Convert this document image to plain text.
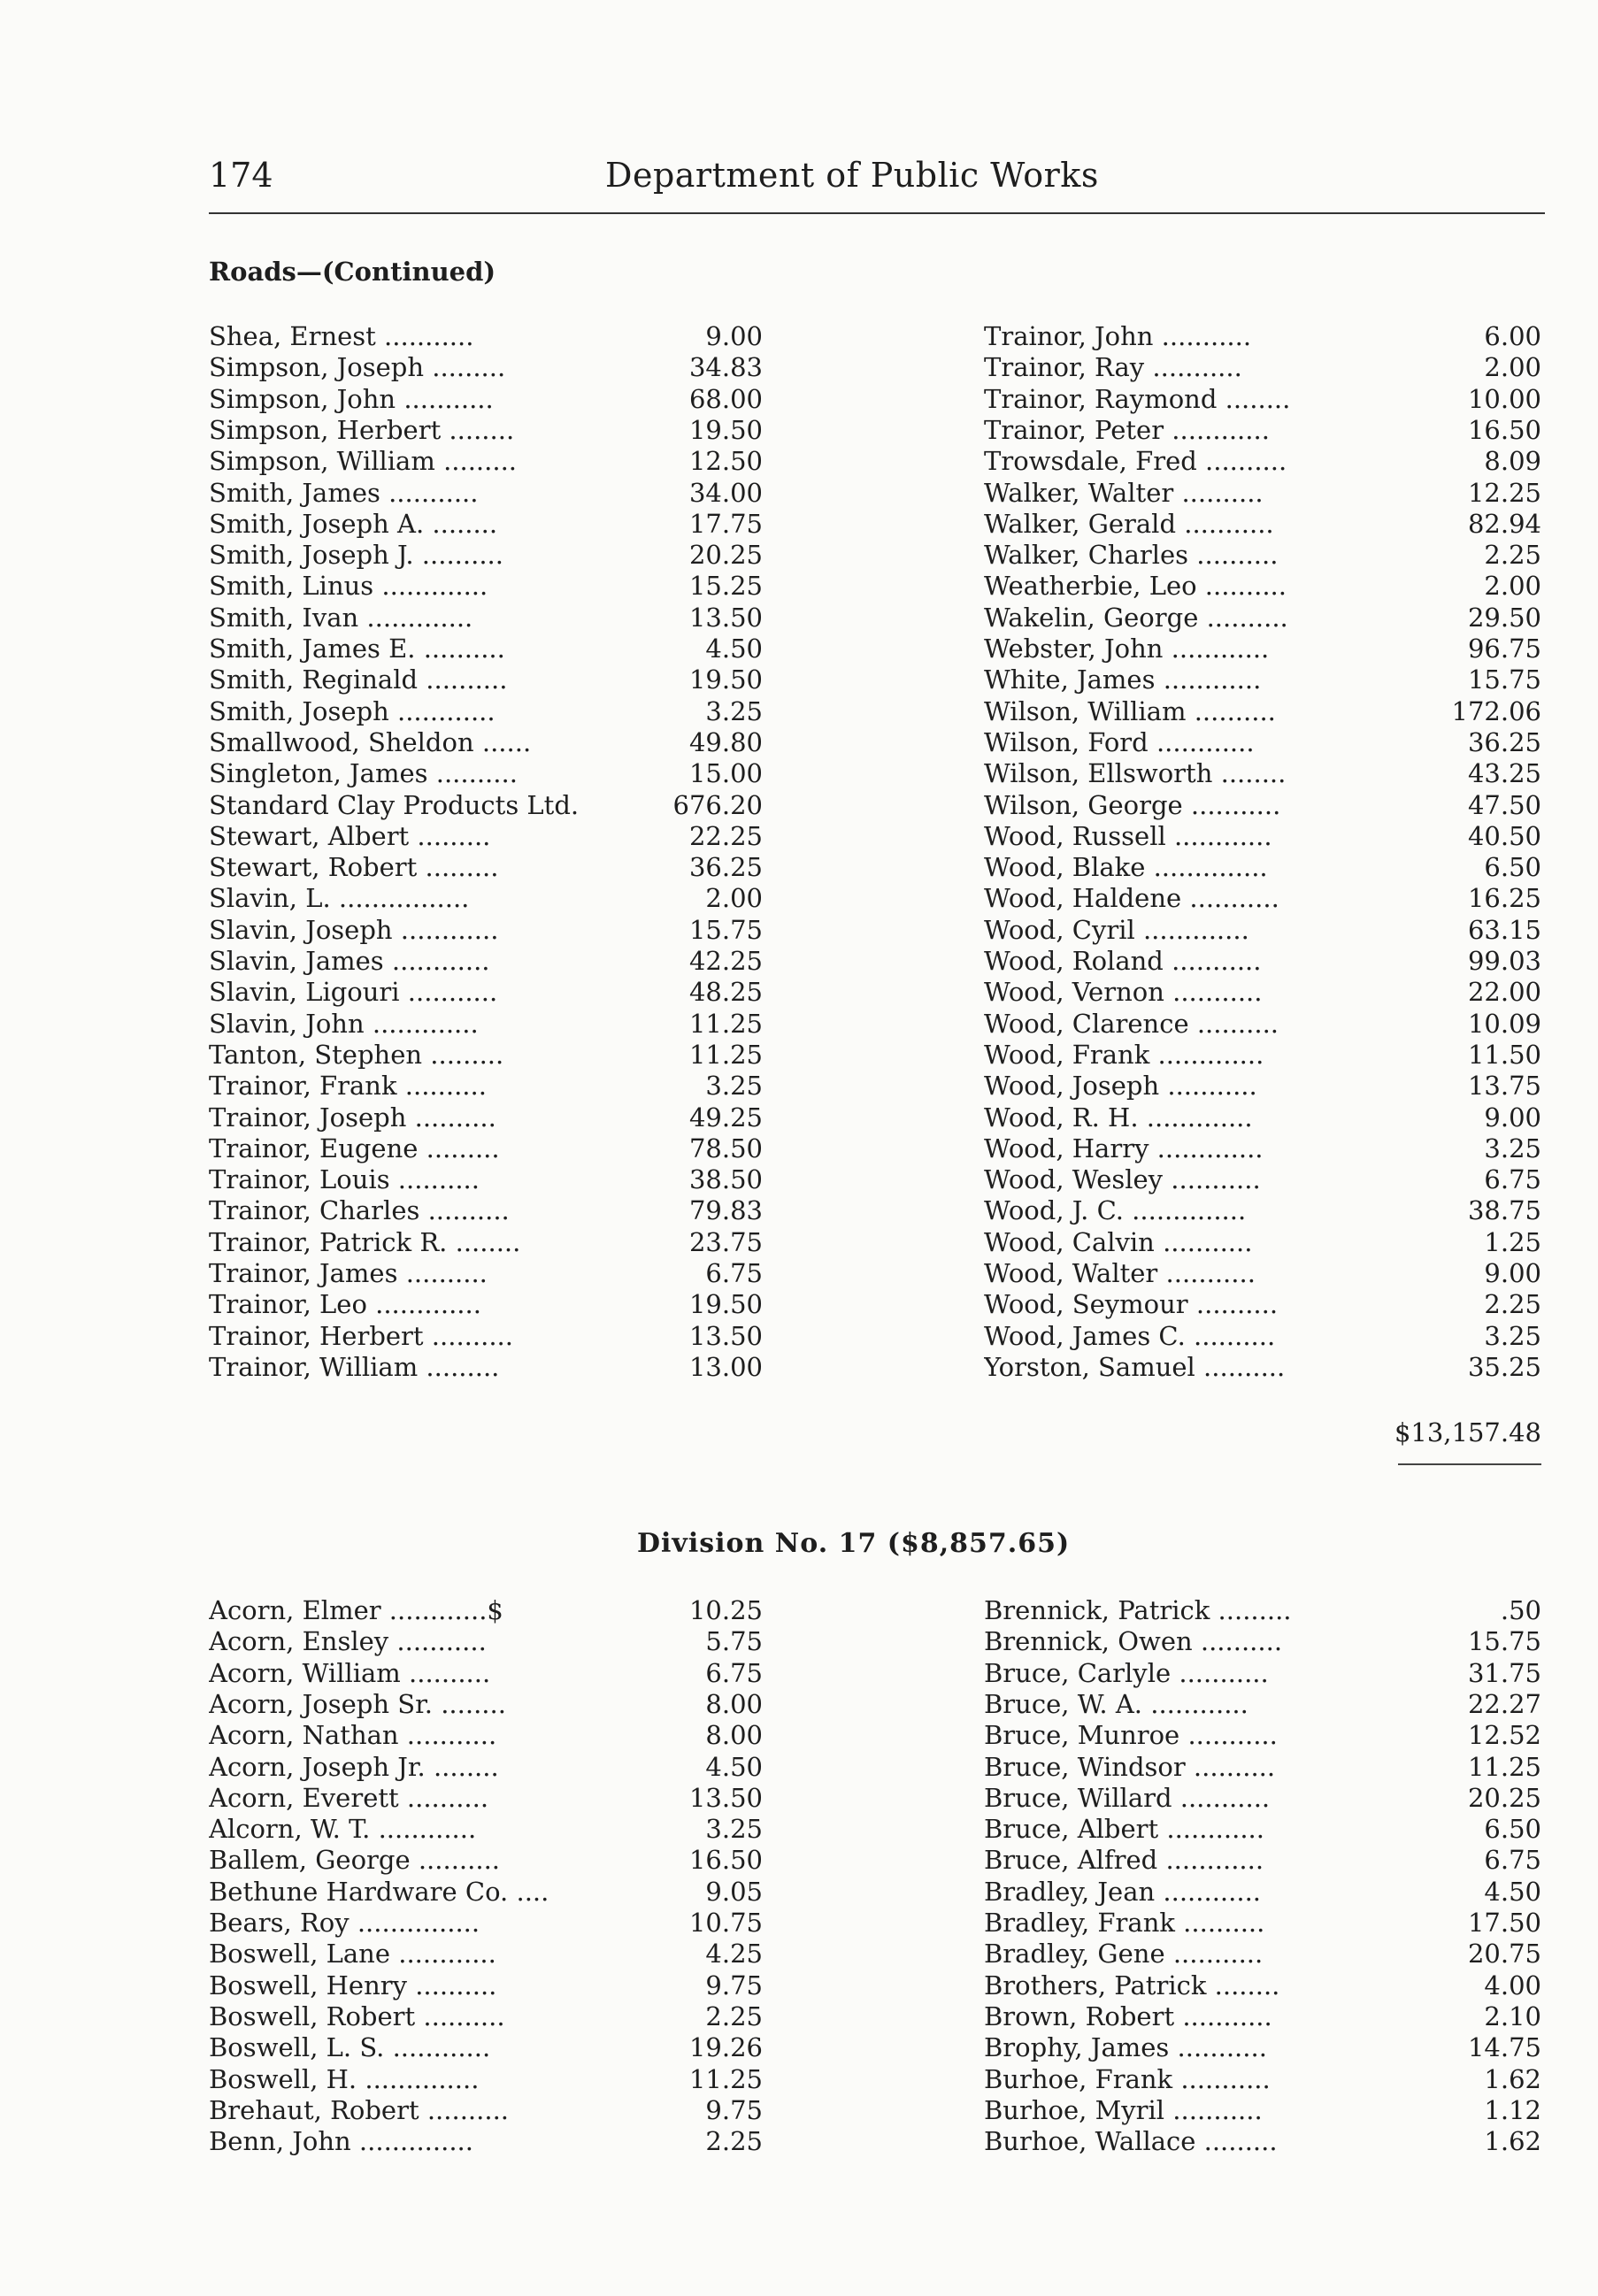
174	Department of Public Works
Roads—(Continued)
Shea, Ernest ...........	9.00
Simpson, Joseph .........	34.83
Simpson, John ...........	68.00
Simpson, Herbert ........	19.50
Simpson, William .........	12.50
Smith, James ...........	34.00
Smith, Joseph A. ........	17.75
Smith, Joseph J. ..........	20.25
Smith, Linus .............	15.25
Smith, Ivan .............	13.50
Smith, James E. ..........	4.50
Smith, Reginald ..........	19.50
Smith, Joseph ............	3.25
Smallwood, Sheldon ......	49.80
Singleton, James ..........	15.00
Standard Clay Products Ltd.	676.20
Stewart, Albert .........	22.25
Stewart, Robert .........	36.25
Slavin, L. ................	2.00
Slavin, Joseph ............	15.75
Slavin, James ............	42.25
Slavin, Ligouri ...........	48.25
Slavin, John .............	11.25
Tanton, Stephen .........	11.25
Trainor, Frank ..........	3.25
Trainor, Joseph ..........	49.25
Trainor, Eugene .........	78.50
Trainor, Louis ..........	38.50
Trainor, Charles ..........	79.83
Trainor, Patrick R. ........	23.75
Trainor, James ..........	6.75
Trainor, Leo .............	19.50
Trainor, Herbert ..........	13.50
Trainor, William .........	13.00
Trainor, John ...........	6.00
Trainor, Ray ...........	2.00
Trainor, Raymond ........	10.00
Trainor, Peter ............	16.50
Trowsdale, Fred ..........	8.09
Walker, Walter ..........	12.25
Walker, Gerald ...........	82.94
Walker, Charles ..........	2.25
Weatherbie, Leo ..........	2.00
Wakelin, George ..........	29.50
Webster, John ............	96.75
White, James ............	15.75
Wilson, William ..........	172.06
Wilson, Ford ............	36.25
Wilson, Ellsworth ........	43.25
Wilson, George ...........	47.50
Wood, Russell ............	40.50
Wood, Blake ..............	6.50
Wood, Haldene ...........	16.25
Wood, Cyril .............	63.15
Wood, Roland ...........	99.03
Wood, Vernon ...........	22.00
Wood, Clarence ..........	10.09
Wood, Frank .............	11.50
Wood, Joseph ...........	13.75
Wood, R. H. .............	9.00
Wood, Harry .............	3.25
Wood, Wesley ...........	6.75
Wood, J. C. ..............	38.75
Wood, Calvin ...........	1.25
Wood, Walter ...........	9.00
Wood, Seymour ..........	2.25
Wood, James C. ..........	3.25
Yorston, Samuel ..........	35.25
$13,157.48
Division No. 17 ($8,857.65)
Acorn, Elmer ............$	10.25
Acorn, Ensley ...........	5.75
Acorn, William ..........	6.75
Acorn, Joseph Sr. ........	8.00
Acorn, Nathan ...........	8.00
Acorn, Joseph Jr. ........	4.50
Acorn, Everett ..........	13.50
Alcorn, W. T. ............	3.25
Ballem, George ..........	16.50
Bethune Hardware Co. ....	9.05
Bears, Roy ...............	10.75
Boswell, Lane ............	4.25
Boswell, Henry ..........	9.75
Boswell, Robert ..........	2.25
Boswell, L. S. ............	19.26
Boswell, H. ..............	11.25
Brehaut, Robert ..........	9.75
Benn, John ..............	2.25
Brennick, Patrick .........	.50
Brennick, Owen ..........	15.75
Bruce, Carlyle ...........	31.75
Bruce, W. A. ............	22.27
Bruce, Munroe ...........	12.52
Bruce, Windsor ..........	11.25
Bruce, Willard ...........	20.25
Bruce, Albert ............	6.50
Bruce, Alfred ............	6.75
Bradley, Jean ............	4.50
Bradley, Frank ..........	17.50
Bradley, Gene ...........	20.75
Brothers, Patrick ........	4.00
Brown, Robert ...........	2.10
Brophy, James ...........	14.75
Burhoe, Frank ...........	1.62
Burhoe, Myril ...........	1.12
Burhoe, Wallace .........	1.62
